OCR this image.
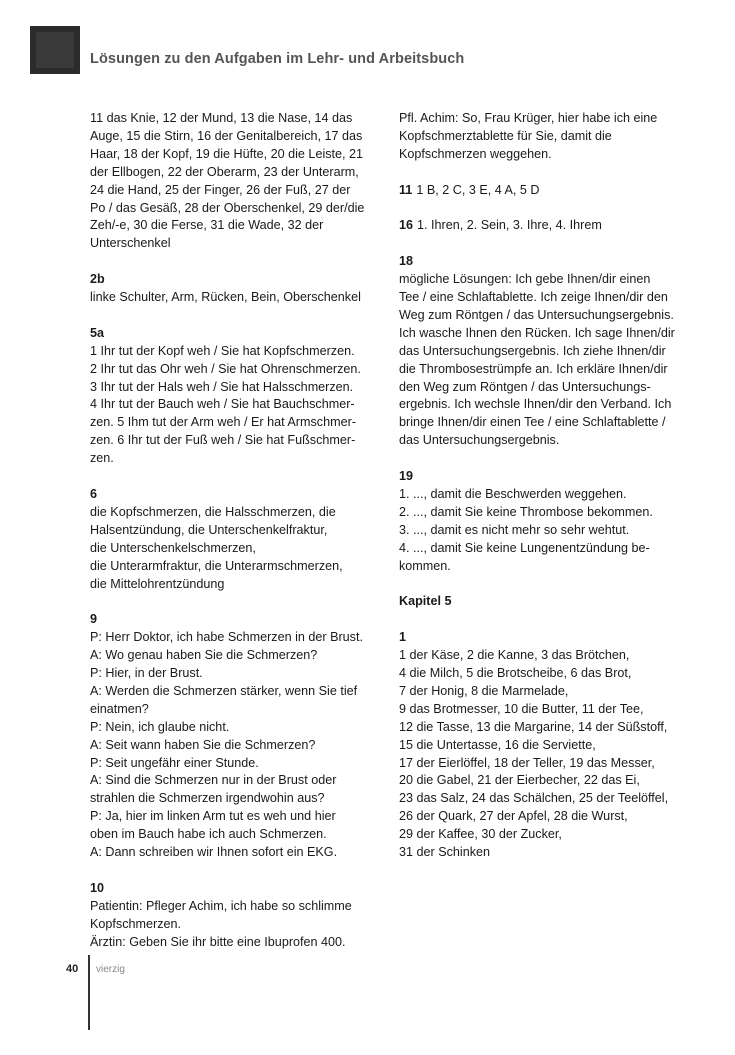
Lösungen zu den Aufgaben im Lehr- und Arbeitsbuch
11 das Knie, 12 der Mund, 13 die Nase, 14 das
Auge, 15 die Stirn, 16 der Genitalbereich, 17 das
Haar, 18 der Kopf, 19 die Hüfte, 20 die Leiste, 21
der Ellbogen, 22 der Oberarm, 23 der Unterarm,
24 die Hand, 25 der Finger, 26 der Fuß, 27 der
Po / das Gesäß, 28 der Oberschenkel, 29 der/die
Zeh/-e, 30 die Ferse, 31 die Wade, 32 der
Unterschenkel
2b
linke Schulter, Arm, Rücken, Bein, Oberschenkel
5a
1 Ihr tut der Kopf weh / Sie hat Kopfschmerzen.
2 Ihr tut das Ohr weh / Sie hat Ohrenschmerzen.
3 Ihr tut der Hals weh / Sie hat Halsschmerzen.
4 Ihr tut der Bauch weh / Sie hat Bauchschmer-
zen. 5 Ihm tut der Arm weh / Er hat Armschmer-
zen. 6 Ihr tut der Fuß weh / Sie hat Fußschmer-
zen.
6
die Kopfschmerzen, die Halsschmerzen, die
Halsentzündung, die Unterschenkelfraktur,
die Unterschenkelschmerzen,
die Unterarmfraktur, die Unterarmschmerzen,
die Mittelohrentzündung
9
P: Herr Doktor, ich habe Schmerzen in der Brust.
A: Wo genau haben Sie die Schmerzen?
P: Hier, in der Brust.
A: Werden die Schmerzen stärker, wenn Sie tief
einatmen?
P: Nein, ich glaube nicht.
A: Seit wann haben Sie die Schmerzen?
P: Seit ungefähr einer Stunde.
A: Sind die Schmerzen nur in der Brust oder
strahlen die Schmerzen irgendwohin aus?
P: Ja, hier im linken Arm tut es weh und hier
oben im Bauch habe ich auch Schmerzen.
A: Dann schreiben wir Ihnen sofort ein EKG.
10
Patientin: Pfleger Achim, ich habe so schlimme
Kopfschmerzen.
Ärztin: Geben Sie ihr bitte eine Ibuprofen 400.
Pfl. Achim: So, Frau Krüger, hier habe ich eine
Kopfschmerztablette für Sie, damit die
Kopfschmerzen weggehen.
11 1 B, 2 C, 3 E, 4 A, 5 D
16 1. Ihren, 2. Sein, 3. Ihre, 4. Ihrem
18
mögliche Lösungen: Ich gebe Ihnen/dir einen
Tee / eine Schlaftablette. Ich zeige Ihnen/dir den
Weg zum Röntgen / das Untersuchungsergebnis.
Ich wasche Ihnen den Rücken. Ich sage Ihnen/dir
das Untersuchungsergebnis. Ich ziehe Ihnen/dir
die Thrombosestrümpfe an. Ich erkläre Ihnen/dir
den Weg zum Röntgen / das Untersuchungs-
ergebnis. Ich wechsle Ihnen/dir den Verband. Ich
bringe Ihnen/dir einen Tee / eine Schlaftablette /
das Untersuchungsergebnis.
19
1. ..., damit die Beschwerden weggehen.
2. ..., damit Sie keine Thrombose bekommen.
3. ..., damit es nicht mehr so sehr wehtut.
4. ..., damit Sie keine Lungenentzündung be-
kommen.
Kapitel 5
1
1 der Käse, 2 die Kanne, 3 das Brötchen,
4 die Milch, 5 die Brotscheibe, 6 das Brot,
7 der Honig, 8 die Marmelade,
9 das Brotmesser, 10 die Butter, 11 der Tee,
12 die Tasse, 13 die Margarine, 14 der Süßstoff,
15 die Untertasse, 16 die Serviette,
17 der Eierlöffel, 18 der Teller, 19 das Messer,
20 die Gabel, 21 der Eierbecher, 22 das Ei,
23 das Salz, 24 das Schälchen, 25 der Teelöffel,
26 der Quark, 27 der Apfel, 28 die Wurst,
29 der Kaffee, 30 der Zucker,
31 der Schinken
40 vierzig
